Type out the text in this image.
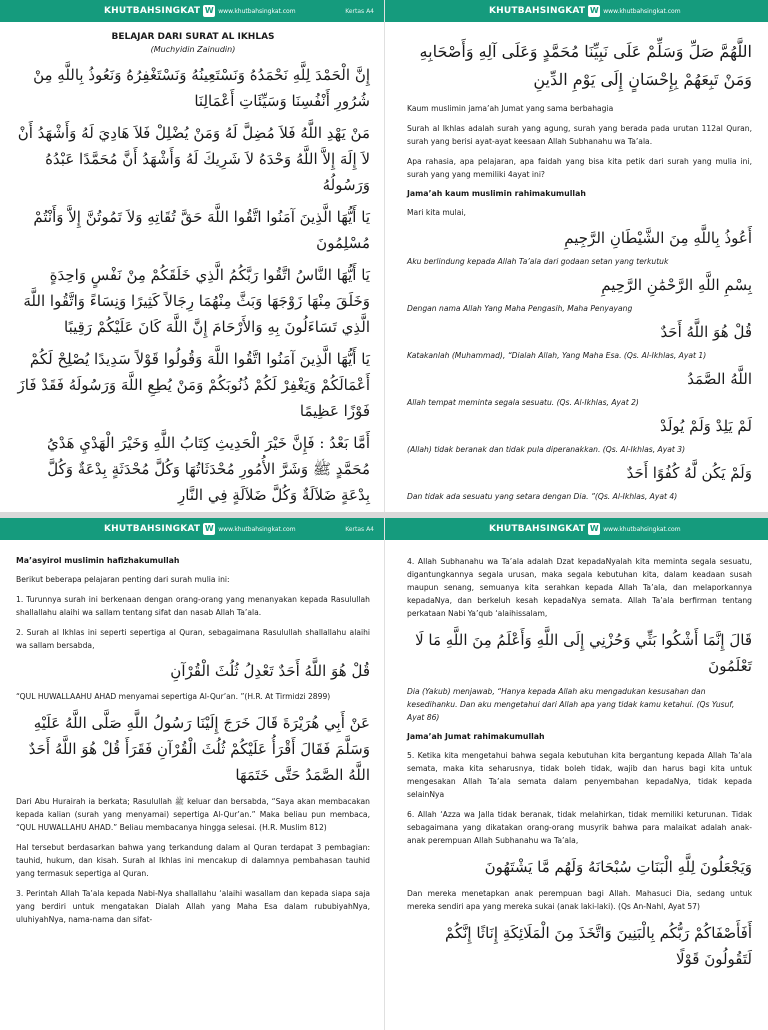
KHUTBAHSINGKAT W www.khutbahsingkat.com	Kertas A4
BELAJAR DARI SURAT AL IKHLAS
(Muchyidin Zainudin)
إِنَّ الْحَمْدَ لِلَّهِ نَحْمَدُهُ وَنَسْتَعِينُهُ وَنَسْتَغْفِرُهُ وَنَعُوذُ بِاللَّهِ مِنْ شُرُورِ أَنْفُسِنَا وَسَيِّئَاتِ أَعْمَالِنَا
مَنْ يَهْدِ اللَّهُ فَلاَ مُضِلَّ لَهُ وَمَنْ يُضْلِلْ فَلاَ هَادِيَ لَهُ وَأَشْهَدُ أَنْ لاَ إِلَهَ إِلاَّ اللَّهُ وَحْدَهُ لاَ شَرِيكَ لَهُ وَأَشْهَدُ أَنَّ مُحَمَّدًا عَبْدُهُ وَرَسُولُهُ
يَا أَيُّهَا الَّذِينَ آمَنُوا اتَّقُوا اللَّهَ حَقَّ تُقَاتِهِ وَلاَ تَمُوتُنَّ إِلاَّ وَأَنْتُمْ مُسْلِمُونَ
يَا أَيُّهَا النَّاسُ اتَّقُوا رَبَّكُمُ الَّذِي خَلَقَكُمْ مِنْ نَفْسٍ وَاحِدَةٍ وَخَلَقَ مِنْهَا زَوْجَهَا وَبَثَّ مِنْهُمَا رِجَالاً كَثِيرًا وَنِسَاءً وَاتَّقُوا اللَّهَ الَّذِي تَسَاءَلُونَ بِهِ وَالأَرْحَامَ إِنَّ اللَّهَ كَانَ عَلَيْكُمْ رَقِيبًا
يَا أَيُّهَا الَّذِينَ آمَنُوا اتَّقُوا اللَّهَ وَقُولُوا قَوْلاً سَدِيدًا يُصْلِحْ لَكُمْ أَعْمَالَكُمْ وَيَغْفِرْ لَكُمْ ذُنُوبَكُمْ وَمَنْ يُطِعِ اللَّهَ وَرَسُولَهُ فَقَدْ فَازَ فَوْزًا عَظِيمًا
أَمَّا بَعْدُ : فَإِنَّ خَيْرَ الْحَدِيثِ كِتَابُ اللَّهِ وَخَيْرَ الْهَدْيِ هَدْيُ مُحَمَّدٍ ﷺ وَشَرَّ الأُمُورِ مُحْدَثَاتُهَا وَكُلَّ مُحْدَثَةٍ بِدْعَةٌ وَكُلَّ بِدْعَةٍ ضَلاَلَةٌ وَكُلَّ ضَلاَلَةٍ فِي النَّارِ
KHUTBAHSINGKAT W www.khutbahsingkat.com
اللَّهُمَّ صَلِّ وَسَلِّمْ عَلَى نَبِيِّنَا مُحَمَّدٍ وَعَلَى آلِهِ وَأَصْحَابِهِ وَمَنْ تَبِعَهُمْ بِإِحْسَانٍ إِلَى يَوْمِ الدِّينِ
Kaum muslimin jama’ah Jumat yang sama berbahagia
Surah al Ikhlas adalah surah yang agung, surah yang berada pada urutan 112al Quran, surah yang berisi ayat-ayat keesaan Allah Subhanahu wa Ta’ala.
Apa rahasia, apa pelajaran, apa faidah yang bisa kita petik dari surah yang mulia ini, surah yang yang memiliki 4ayat ini?
Jama’ah kaum muslimin rahimakumullah
Mari kita mulai,
أَعُوذُ بِاللَّهِ مِنَ الشَّيْطَانِ الرَّجِيمِ
Aku berlindung kepada Allah Ta’ala dari godaan setan yang terkutuk
بِسْمِ اللَّهِ الرَّحْمَٰنِ الرَّحِيمِ
Dengan nama Allah Yang Maha Pengasih, Maha Penyayang
قُلْ هُوَ اللَّهُ أَحَدٌ
Katakanlah (Muhammad), “Dialah Allah, Yang Maha Esa. (Qs. Al-Ikhlas, Ayat 1)
اللَّهُ الصَّمَدُ
Allah tempat meminta segala sesuatu. (Qs. Al-Ikhlas, Ayat 2)
لَمْ يَلِدْ وَلَمْ يُولَدْ
(Allah) tidak beranak dan tidak pula diperanakkan. (Qs. Al-Ikhlas, Ayat 3)
وَلَمْ يَكُن لَّهُ كُفُوًا أَحَدٌ
Dan tidak ada sesuatu yang setara dengan Dia. ”(Qs. Al-Ikhlas, Ayat 4)
KHUTBAHSINGKAT W www.khutbahsingkat.com	Kertas A4
Ma’asyirol muslimin hafizhakumullah
Berikut beberapa pelajaran penting dari surah mulia ini:
1. Turunnya surah ini berkenaan dengan orang-orang yang menanyakan kepada Rasulullah shallallahu alaihi wa sallam tentang sifat dan nasab Allah Ta’ala.
2. Surah al Ikhlas ini seperti sepertiga al Quran, sebagaimana Rasulullah shallallahu alaihi wa sallam bersabda,
قُلْ هُوَ اللَّهُ أَحَدٌ تَعْدِلُ ثُلُثَ الْقُرْآنِ
“QUL HUWALLAAHU AHAD menyamai sepertiga Al-Qur’an. ”(H.R. At Tirmidzi 2899)
عَنْ أَبِي هُرَيْرَةَ قَالَ خَرَجَ إِلَيْنَا رَسُولُ اللَّهِ صَلَّى اللَّهُ عَلَيْهِ وَسَلَّمَ فَقَالَ أَقْرَأُ عَلَيْكُمْ ثُلُثَ الْقُرْآنِ فَقَرَأَ قُلْ هُوَ اللَّهُ أَحَدٌ اللَّهُ الصَّمَدُ حَتَّى خَتَمَهَا
Dari Abu Hurairah ia berkata; Rasulullah ﷺ keluar dan bersabda, “Saya akan membacakan kepada kalian (surah yang menyamai) sepertiga Al-Qur’an.” Maka beliau pun membaca, “QUL HUWALLAHU AHAD.” Beliau membacanya hingga selesai. (H.R. Muslim 812)
Hal tersebut berdasarkan bahwa yang terkandung dalam al Quran terdapat 3 pembagian: tauhid, hukum, dan kisah. Surah al Ikhlas ini mencakup di dalamnya pembahasan tauhid yang termasuk sepertiga al Quran.
3. Perintah Allah Ta’ala kepada Nabi-Nya shallallahu ‘alaihi wasallam dan kepada siapa saja yang berdiri untuk mengatakan Dialah Allah yang Maha Esa dalam rububiyahNya, uluhiyahNya, nama-nama dan sifat-
KHUTBAHSINGKAT W www.khutbahsingkat.com
4. Allah Subhanahu wa Ta’ala adalah Dzat kepadaNyalah kita meminta segala sesuatu, digantungkannya segala urusan, maka segala kebutuhan kita, dalam keadaan susah maupun senang, semuanya kita serahkan kepada Allah Ta’ala, dan melaporkannya kepadaNya, dan berkeluh kesah kepadaNya semata. Allah Ta’ala berfirman tentang perkataan Nabi Ya’qub ‘alaihissalam,
قَالَ إِنَّمَا أَشْكُوا بَثِّي وَحُزْنِي إِلَى اللَّهِ وَأَعْلَمُ مِنَ اللَّهِ مَا لَا تَعْلَمُونَ
Dia (Yakub) menjawab, “Hanya kepada Allah aku mengadukan kesusahan dan kesedihanku. Dan aku mengetahui dari Allah apa yang tidak kamu ketahui. (Qs Yusuf, Ayat 86)
Jama’ah Jumat rahimakumullah
5. Ketika kita mengetahui bahwa segala kebutuhan kita bergantung kepada Allah Ta’ala semata, maka kita seharusnya, tidak boleh tidak, wajib dan harus bagi kita untuk mengesakan Allah Ta’ala semata dalam penyembahan kepadaNya, tidak kepada selainNya
6. Allah ‘Azza wa Jalla tidak beranak, tidak melahirkan, tidak memiliki keturunan. Tidak sebagaimana yang dikatakan orang-orang musyrik bahwa para malaikat adalah anak-anak perempuan Allah Subhanahu wa Ta’ala,
وَيَجْعَلُونَ لِلَّهِ الْبَنَاتِ سُبْحَانَهُ وَلَهُم مَّا يَشْتَهُونَ
Dan mereka menetapkan anak perempuan bagi Allah. Mahasuci Dia, sedang untuk mereka sendiri apa yang mereka sukai (anak laki-laki). (Qs An-Nahl, Ayat 57)
أَفَأَصْفَاكُمْ رَبُّكُم بِالْبَنِينَ وَاتَّخَذَ مِنَ الْمَلَائِكَةِ إِنَاثًا إِنَّكُمْ لَتَقُولُونَ قَوْلًا
